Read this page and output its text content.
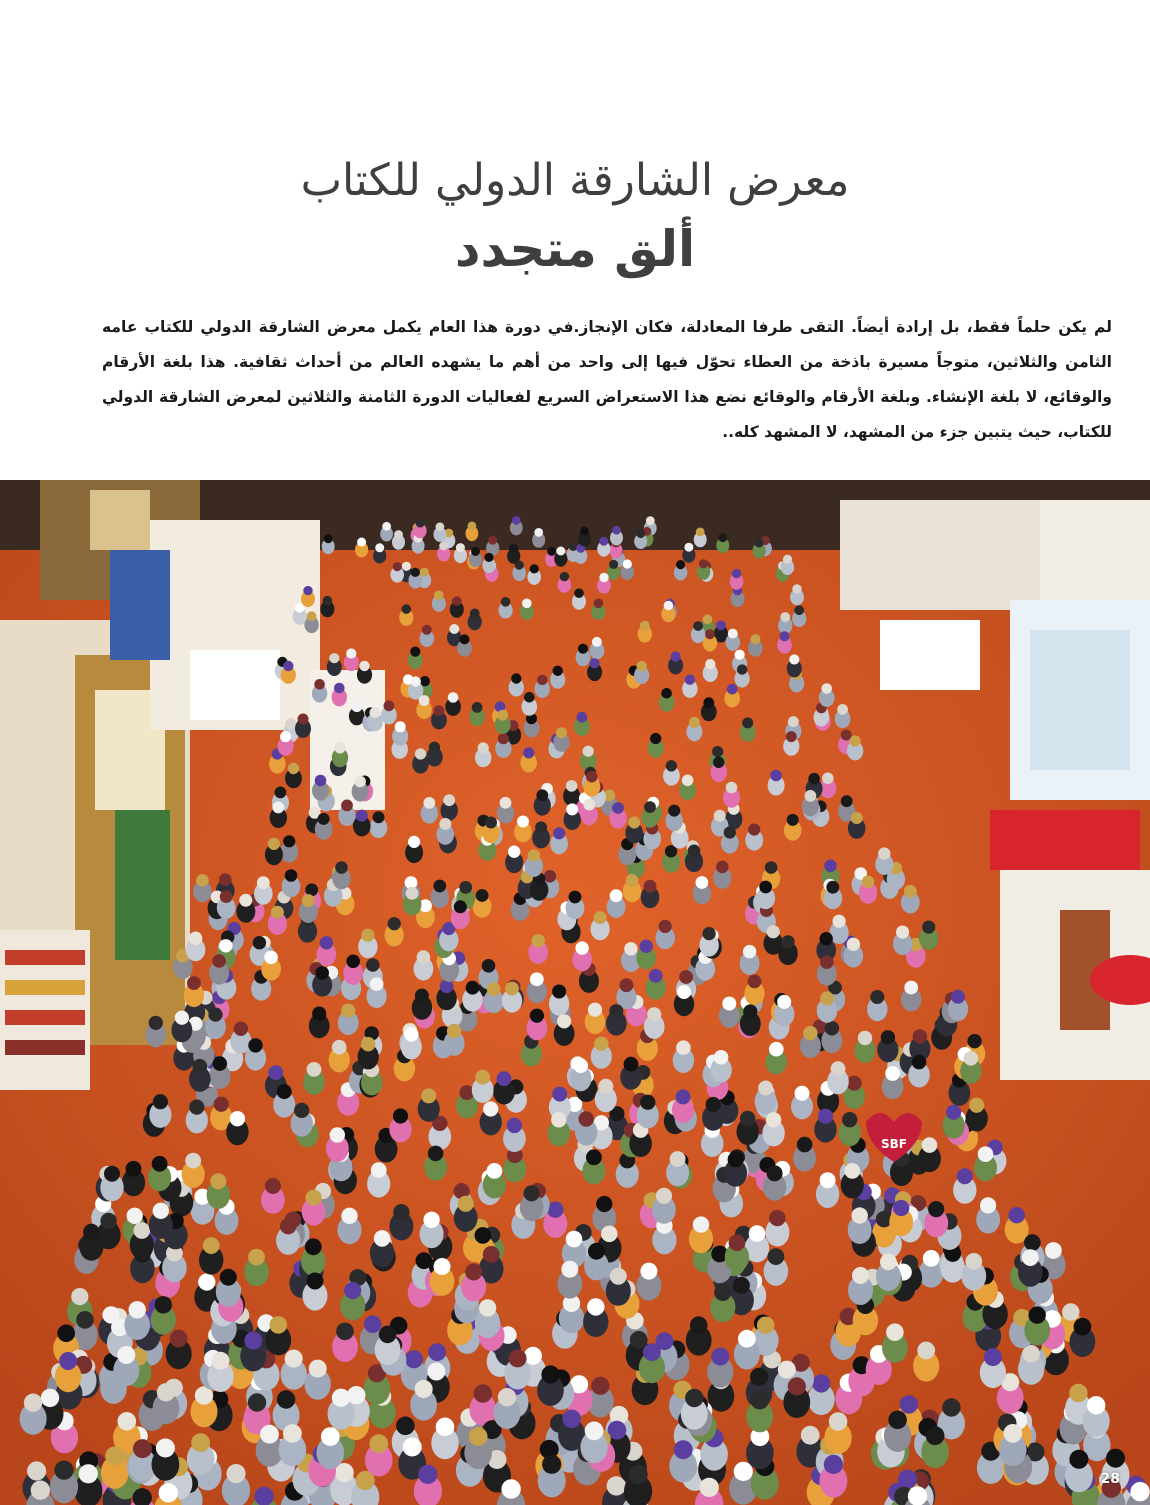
معرض الشارقة الدولي للكتاب
ألق متجدد

لم يكن حلماً فقط، بل إرادة أيضاً. التقى طرفا المعادلة، فكان الإنجاز.في دورة هذا العام يكمل معرض الشارقة الدولي للكتاب عامه الثامن والثلاثين، متوجاً مسيرة باذخة من العطاء تحوّل فيها إلى واحد من أهم ما يشهده العالم من أحداث ثقافية. هذا بلغة الأرقام والوقائع، لا بلغة الإنشاء. وبلغة الأرقام والوقائع نضع هذا الاستعراض السريع لفعاليات الدورة الثامنة والثلاثين لمعرض الشارقة الدولي للكتاب، حيث يتبين جزء من المشهد، لا المشهد كله..

SBF
28
